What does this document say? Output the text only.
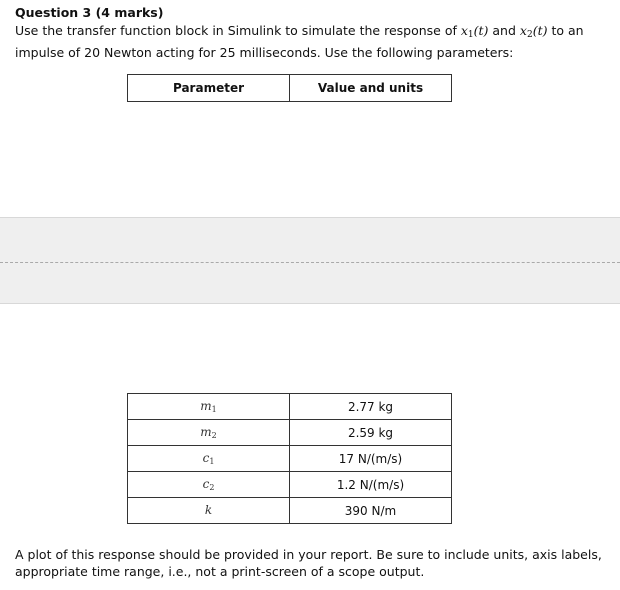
Question 3 (4 marks)
Use the transfer function block in Simulink to simulate the response of $x_1(t)$ and $x_2(t)$ to an impulse of 20 Newton acting for 25 milliseconds. Use the following parameters:
Parameter	Value and units
$m_1$	2.77 kg
$m_2$	2.59 kg
$c_1$	17 N/(m/s)
$c_2$	1.2 N/(m/s)
k	390 N/m
A plot of this response should be provided in your report. Be sure to include units, axis labels, appropriate time range, i.e., not a print-screen of a scope output.
